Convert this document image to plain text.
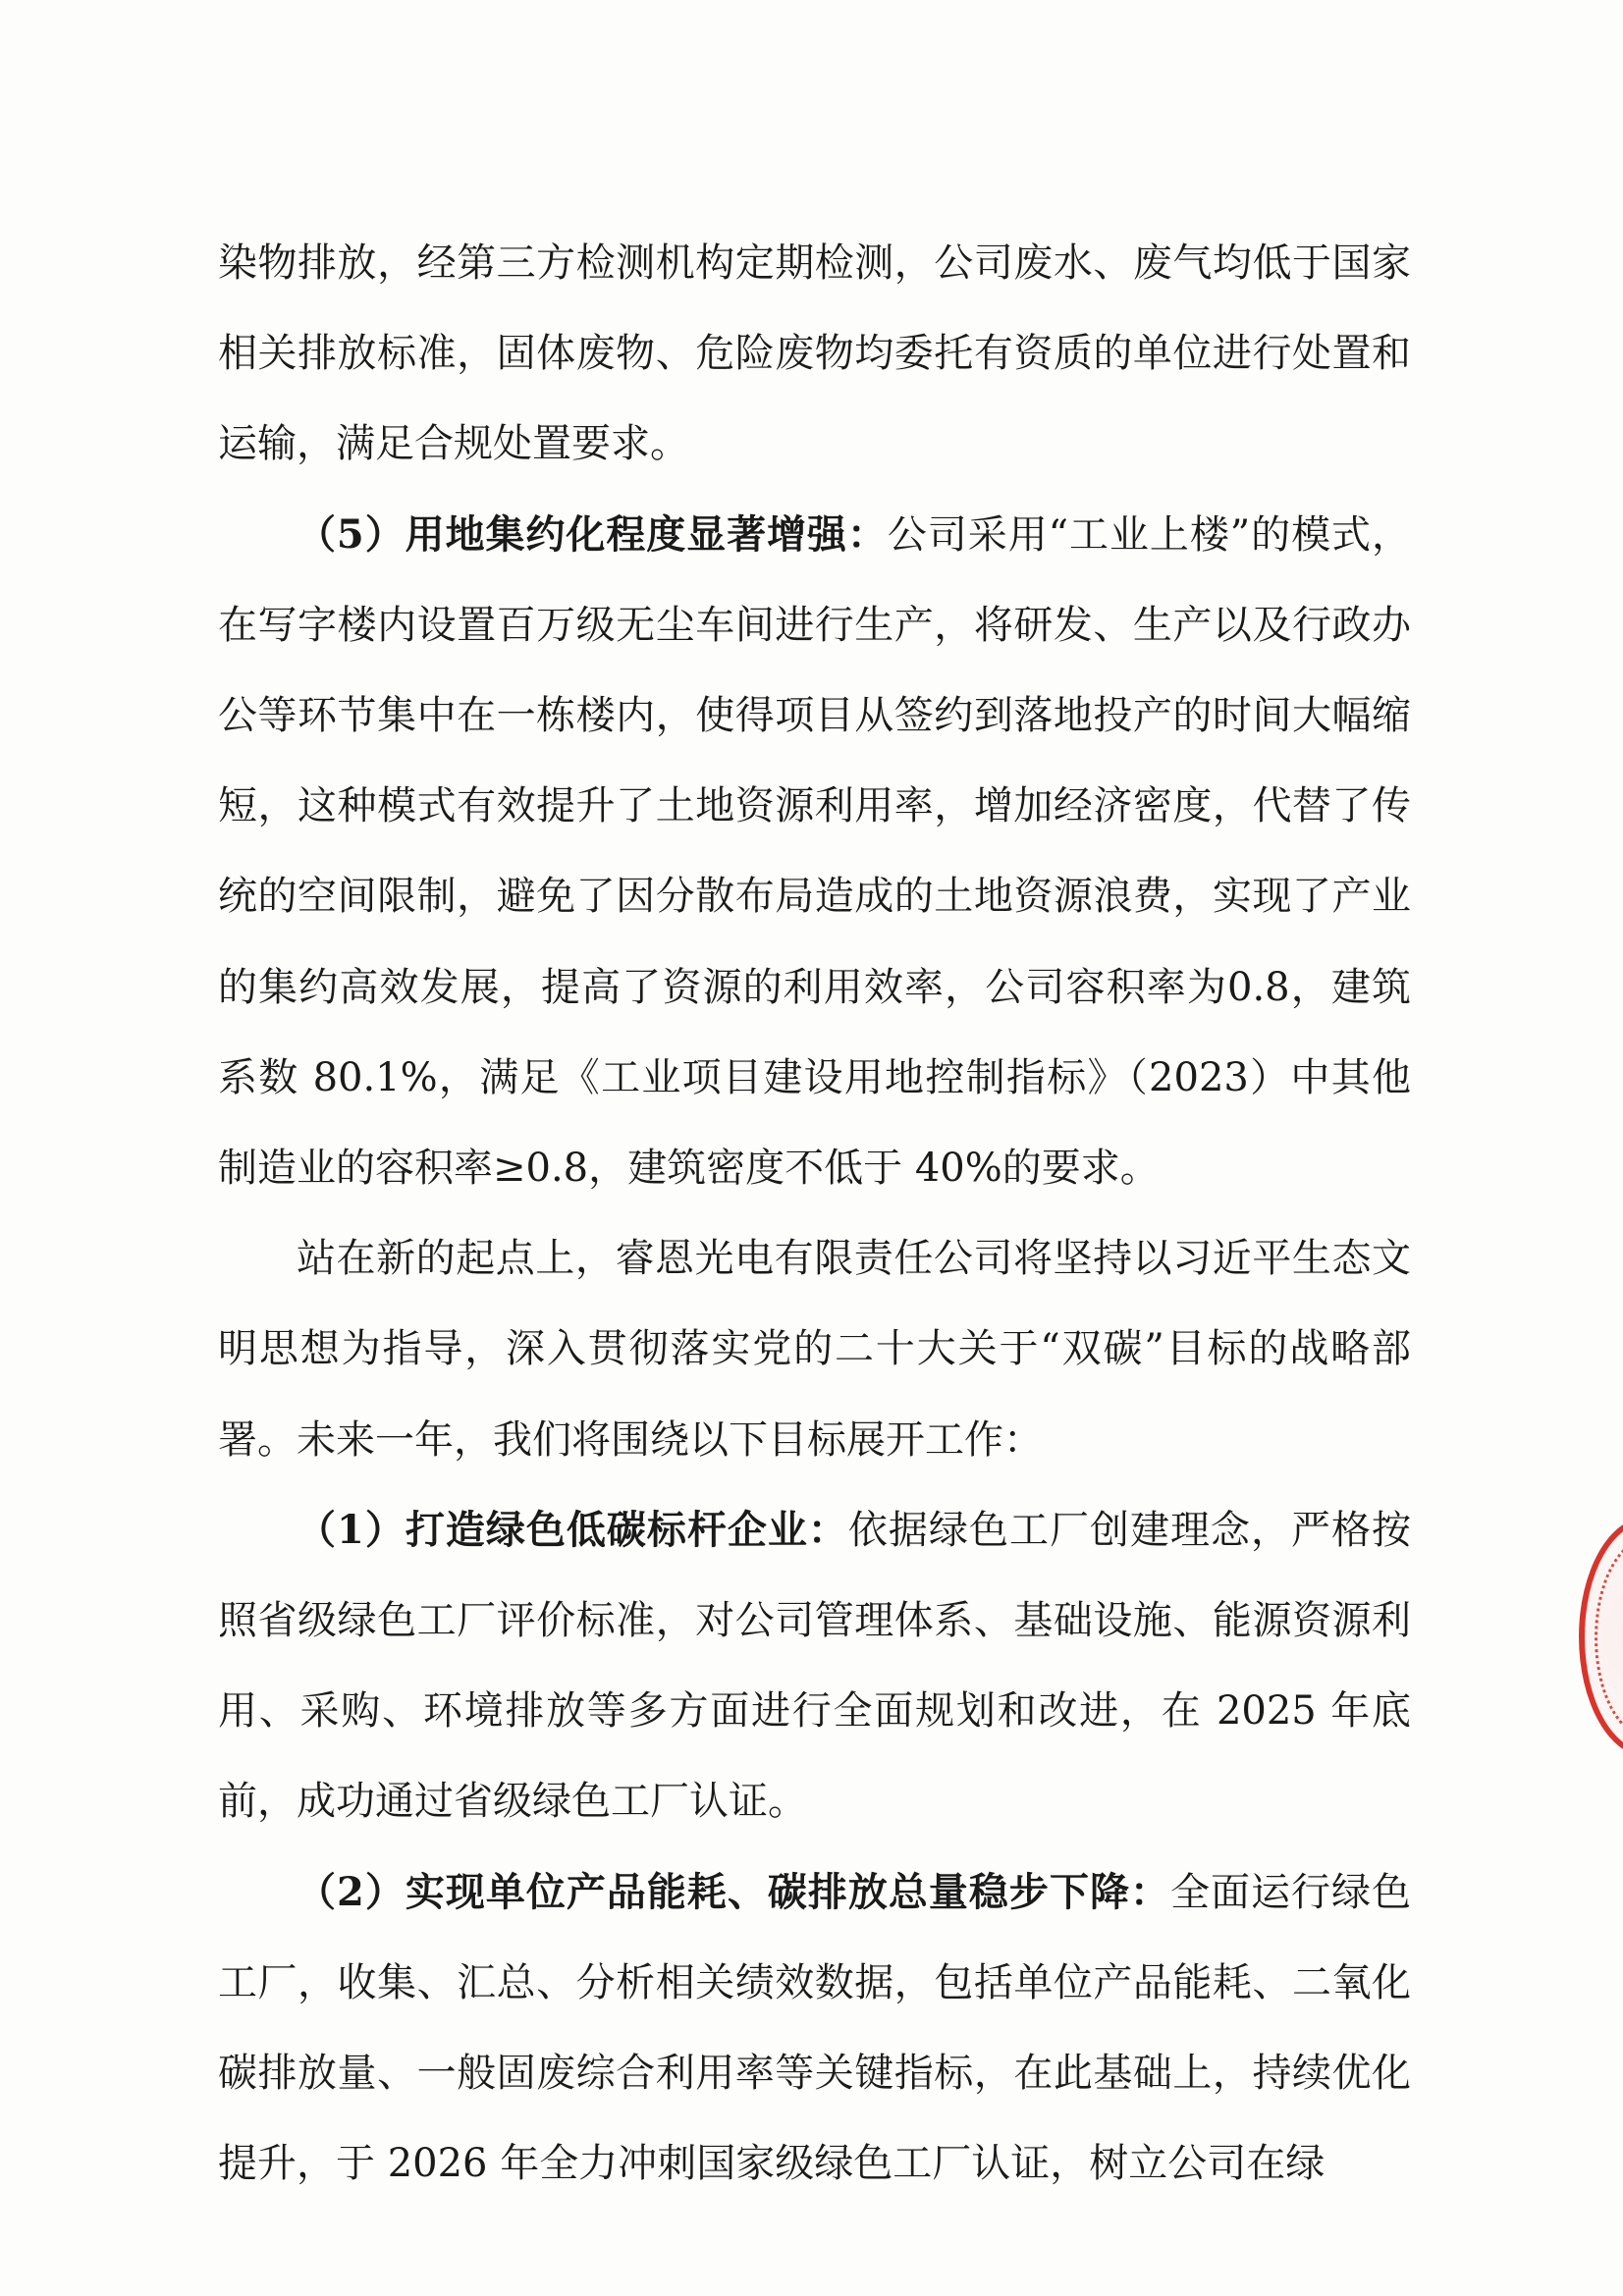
染物排放，经第三方检测机构定期检测，公司废水、废气均低于国家相关排放标准，固体废物、危险废物均委托有资质的单位进行处置和运输，满足合规处置要求。

（5）用地集约化程度显著增强：公司采用“工业上楼”的模式，在写字楼内设置百万级无尘车间进行生产，将研发、生产以及行政办公等环节集中在一栋楼内，使得项目从签约到落地投产的时间大幅缩短，这种模式有效提升了土地资源利用率，增加经济密度，代替了传统的空间限制，避免了因分散布局造成的土地资源浪费，实现了产业的集约高效发展，提高了资源的利用效率，公司容积率为0.8，建筑系数 80.1%，满足《工业项目建设用地控制指标》（2023）中其他制造业的容积率≥0.8，建筑密度不低于 40%的要求。

站在新的起点上，睿恩光电有限责任公司将坚持以习近平生态文明思想为指导，深入贯彻落实党的二十大关于“双碳”目标的战略部署。未来一年，我们将围绕以下目标展开工作：

（1）打造绿色低碳标杆企业：依据绿色工厂创建理念，严格按照省级绿色工厂评价标准，对公司管理体系、基础设施、能源资源利用、采购、环境排放等多方面进行全面规划和改进，在 2025 年底前，成功通过省级绿色工厂认证。

（2）实现单位产品能耗、碳排放总量稳步下降：全面运行绿色工厂，收集、汇总、分析相关绩效数据，包括单位产品能耗、二氧化碳排放量、一般固废综合利用率等关键指标，在此基础上，持续优化提升，于 2026 年全力冲刺国家级绿色工厂认证，树立公司在绿
